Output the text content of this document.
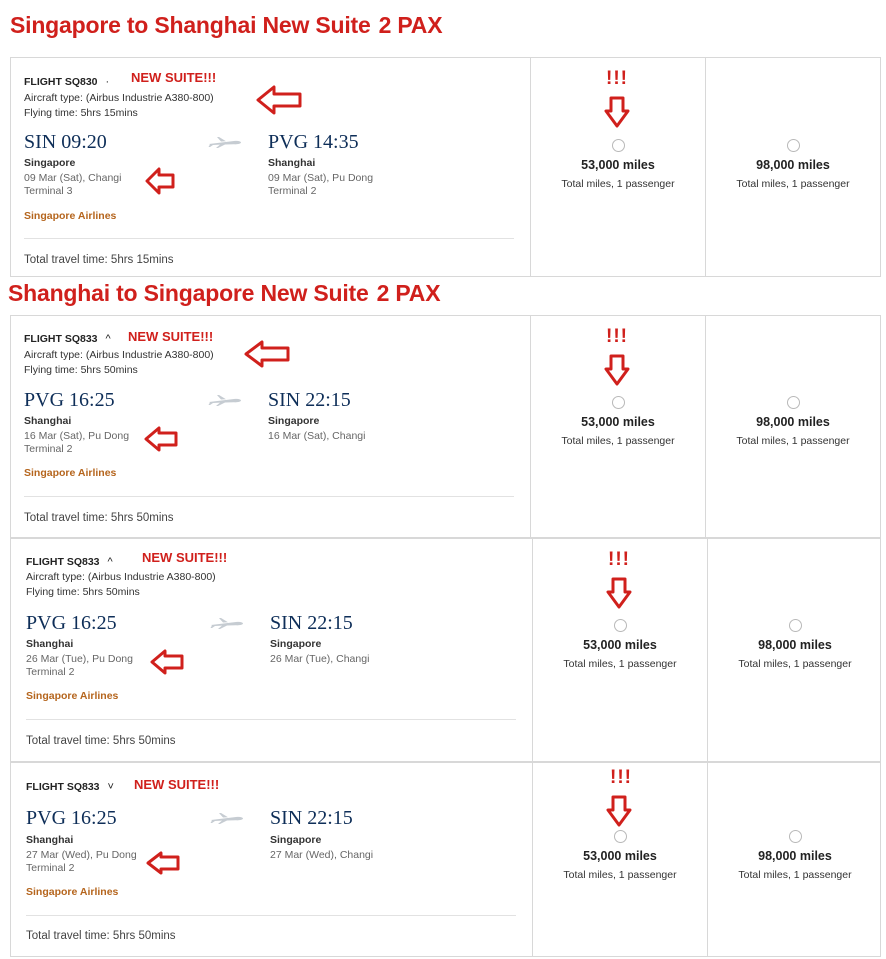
Singapore to Shanghai New Suite 2 PAX
Shanghai to Singapore New Suite 2 PAX
FLIGHT SQ830 · NEW SUITE!!!
Aircraft type: (Airbus Industrie A380-800)
Flying time: 5hrs 15mins
SIN 09:20	PVG 14:35
Singapore
09 Mar (Sat), Changi
Terminal 3
Shanghai
09 Mar (Sat), Pu Dong
Terminal 2
Singapore Airlines
Total travel time: 5hrs 15mins
!!!
53,000 miles
Total miles, 1 passenger
98,000 miles
Total miles, 1 passenger
FLIGHT SQ833 ^ NEW SUITE!!!
Aircraft type: (Airbus Industrie A380-800)
Flying time: 5hrs 50mins
PVG 16:25	SIN 22:15
Shanghai
16 Mar (Sat), Pu Dong
Terminal 2
Singapore
16 Mar (Sat), Changi
Singapore Airlines
Total travel time: 5hrs 50mins
!!!
53,000 miles
Total miles, 1 passenger
98,000 miles
Total miles, 1 passenger
FLIGHT SQ833 ^ NEW SUITE!!!
Aircraft type: (Airbus Industrie A380-800)
Flying time: 5hrs 50mins
PVG 16:25	SIN 22:15
Shanghai
26 Mar (Tue), Pu Dong
Terminal 2
Singapore
26 Mar (Tue), Changi
Singapore Airlines
Total travel time: 5hrs 50mins
!!!
53,000 miles
Total miles, 1 passenger
98,000 miles
Total miles, 1 passenger
FLIGHT SQ833 ˅ NEW SUITE!!!
PVG 16:25	SIN 22:15
Shanghai
27 Mar (Wed), Pu Dong
Terminal 2
Singapore
27 Mar (Wed), Changi
Singapore Airlines
Total travel time: 5hrs 50mins
!!!
53,000 miles
Total miles, 1 passenger
98,000 miles
Total miles, 1 passenger
